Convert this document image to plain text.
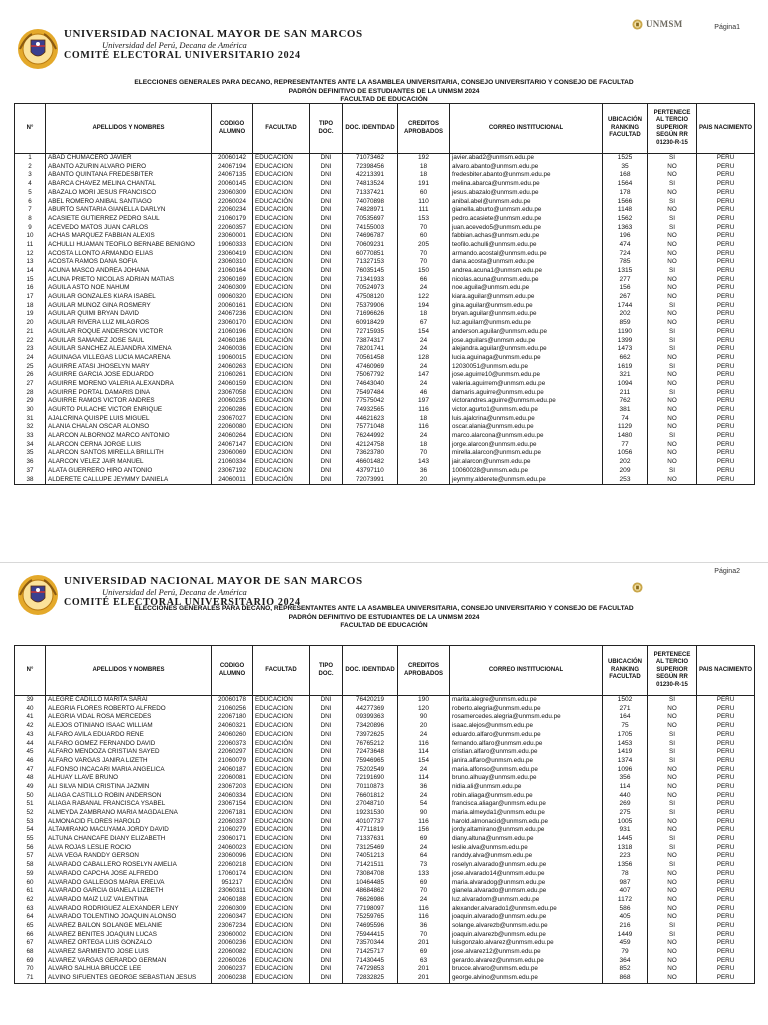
Página1
UNIVERSIDAD NACIONAL MAYOR DE SAN MARCOS
Universidad del Perú, Decana de América
COMITÉ ELECTORAL UNIVERSITARIO 2024
UNMSM
ELECCIONES GENERALES PARA DECANO, REPRESENTANTES ANTE LA ASAMBLEA UNIVERSITARIA, CONSEJO UNIVERSITARIO Y CONSEJO DE FACULTAD
PADRÓN DEFINITIVO DE ESTUDIANTES DE LA UNMSM 2024
FACULTAD DE EDUCACIÓN
N°	APELLIDOS Y NOMBRES	CODIGO ALUMNO	FACULTAD	TIPO DOC.	DOC. IDENTIDAD	CREDITOS APROBADOS	CORREO INSTITUCIONAL	UBICACIÓN RANKING FACULTAD	PERTENECE AL TERCIO SUPERIOR SEGÚN RR 01230-R-15	PAIS NACIMIENTO
1	ABAD CHUMACERO JAVIER	20060142	EDUCACIÓN	DNI	71073462	192	javier.abad2@unmsm.edu.pe	1525	SI	PERU
2	ABANTO AZURIN ALVARO PIERO	24067194	EDUCACIÓN	DNI	72398456	18	alvaro.abanto@unmsm.edu.pe	35	NO	PERU
3	ABANTO QUINTANA FREDESBITER	24067135	EDUCACIÓN	DNI	42213391	18	fredesbiter.abanto@unmsm.edu.pe	168	NO	PERU
4	ABARCA CHAVEZ MELINA CHANTAL	20060145	EDUCACIÓN	DNI	74813524	191	melina.abarca@unmsm.edu.pe	1564	SI	PERU
5	ABAZALO MORI JESUS FRANCISCO	23060309	EDUCACIÓN	DNI	71337421	60	jesus.abazalo@unmsm.edu.pe	178	NO	PERU
6	ABEL ROMERO ANIBAL SANTIAGO	22060024	EDUCACIÓN	DNI	74070898	110	anibal.abel@unmsm.edu.pe	1566	SI	PERU
7	ABURTO SANTARIA GIANELLA DARLYN	22060234	EDUCACIÓN	DNI	74828971	111	gianella.aburto@unmsm.edu.pe	1148	NO	PERU
8	ACASIETE GUTIERREZ PEDRO SAUL	21060179	EDUCACIÓN	DNI	70535697	153	pedro.acasiete@unmsm.edu.pe	1562	SI	PERU
9	ACEVEDO MATOS JUAN CARLOS	22060357	EDUCACIÓN	DNI	74155003	70	juan.acevedo5@unmsm.edu.pe	1363	SI	PERU
10	ACHAS MARQUEZ FABBIAN ALEXIS	23060001	EDUCACIÓN	DNI	74696787	60	fabbian.achas@unmsm.edu.pe	196	NO	PERU
11	ACHULLI HUAMAN TEOFILO BERNABE BENIGNO	19060333	EDUCACIÓN	DNI	70609231	205	teofilo.achulli@unmsm.edu.pe	474	NO	PERU
12	ACOSTA LLONTO ARMANDO ELIAS	23060419	EDUCACIÓN	DNI	60770851	70	armando.acostal@unmsm.edu.pe	724	NO	PERU
13	ACOSTA RAMOS DANA SOFIA	23060310	EDUCACIÓN	DNI	71327153	70	dana.acosta@unmsm.edu.pe	785	NO	PERU
14	ACUÑA MASCO ANDREA JOHANA	21060164	EDUCACIÓN	DNI	76035145	150	andrea.acuna1@unmsm.edu.pe	1315	SI	PERU
15	ACUÑA PRIETO NICOLAS ADRIAN MATIAS	23060169	EDUCACIÓN	DNI	71341933	66	nicolas.acuna@unmsm.edu.pe	277	NO	PERU
16	AGUILA ASTO NOÉ NAHÚM	24060309	EDUCACIÓN	DNI	70524973	24	noe.aguila@unmsm.edu.pe	156	NO	PERU
17	AGUILAR GONZALES KIARA ISABEL	09060320	EDUCACIÓN	DNI	47508120	122	kiara.aguilar@unmsm.edu.pe	267	NO	PERU
18	AGUILAR MUÑOZ GINA ROSMERY	20060161	EDUCACIÓN	DNI	75379906	194	gina.aguilar@unmsm.edu.pe	1744	SI	PERU
19	AGUILAR QUIMI BRYAN DAVID	24067236	EDUCACIÓN	DNI	71696626	18	bryan.aguilar@unmsm.edu.pe	202	NO	PERU
20	AGUILAR RIVERA LUZ MILAGROS	23060170	EDUCACIÓN	DNI	60918429	67	luz.aguilarr@unmsm.edu.pe	859	NO	PERU
21	AGUILAR ROQUE ANDERSON VICTOR	21060196	EDUCACIÓN	DNI	72715935	154	anderson.aguilar@unmsm.edu.pe	1190	SI	PERU
22	AGUILAR SAMANEZ JOSE SAUL	24060186	EDUCACIÓN	DNI	73874317	24	jose.aguilars@unmsm.edu.pe	1399	SI	PERU
23	AGUILAR SANCHEZ ALEJANDRA XIMENA	24060036	EDUCACIÓN	DNI	78201741	24	alejandra.aguilar@unmsm.edu.pe	1473	SI	PERU
24	AGUINAGA VILLEGAS LUCIA MACARENA	19060015	EDUCACIÓN	DNI	70561458	128	lucia.aguinaga@unmsm.edu.pe	662	NO	PERU
25	AGUIRRE ATASI JHOSELYN MARY	24060263	EDUCACIÓN	DNI	47460969	24	12030051@unmsm.edu.pe	1619	SI	PERU
26	AGUIRRE GARCIA JOSE EDUARDO	21060261	EDUCACIÓN	DNI	75067792	147	jose.aguirre10@unmsm.edu.pe	321	NO	PERU
27	AGUIRRE MORENO VALERIA ALEXANDRA	24060159	EDUCACIÓN	DNI	74643040	24	valeria.aguirrem@unmsm.edu.pe	1094	NO	PERU
28	AGUIRRE PORTAL DÁMARIS DINA	23067058	EDUCACIÓN	DNI	75497484	46	damaris.aguirre@unmsm.edu.pe	211	SI	PERU
29	AGUIRRE RAMOS VICTOR ANDRES	20060235	EDUCACIÓN	DNI	77575042	197	victorandres.aguirre@unmsm.edu.pe	762	NO	PERU
30	AGURTO PULACHE VICTOR ENRIQUE	22060286	EDUCACIÓN	DNI	74932565	116	victor.agurto1@unmsm.edu.pe	381	NO	PERU
31	AJALCRIÑA QUISPE LUIS MIGUEL	23067027	EDUCACIÓN	DNI	44621623	18	luis.ajalcrina@unmsm.edu.pe	74	NO	PERU
32	ALANIA CHALAN OSCAR ALONSO	22060080	EDUCACIÓN	DNI	75771048	116	oscar.alania@unmsm.edu.pe	1129	NO	PERU
33	ALARCON ALBORNOZ MARCO ANTONIO	24060264	EDUCACIÓN	DNI	76244992	24	marco.alarcona@unmsm.edu.pe	1480	SI	PERU
34	ALARCÓN CERNA JORGE LUIS	24067147	EDUCACIÓN	DNI	42124758	18	jorge.alarcon@unmsm.edu.pe	77	NO	PERU
35	ALARCON SANTOS MIRELLA BRILLITH	23060069	EDUCACIÓN	DNI	73623780	70	mirella.alarcon@unmsm.edu.pe	1056	NO	PERU
36	ALARCON VELEZ JAIR MANUEL	21060334	EDUCACIÓN	DNI	46601482	143	jair.alarcon@unmsm.edu.pe	202	NO	PERU
37	ALATA GUERRERO HIRO ANTONIO	23067192	EDUCACIÓN	DNI	43797110	36	10060028@unmsm.edu.pe	209	SI	PERU
38	ALDERETE CALLUPE JEYMMY DANIELA	24060011	EDUCACIÓN	DNI	72073991	20	jeymmy.alderete@unmsm.edu.pe	253	NO	PERU
Página2
UNIVERSIDAD NACIONAL MAYOR DE SAN MARCOS
Universidad del Perú, Decana de América
COMITÉ ELECTORAL UNIVERSITARIO 2024
ELECCIONES GENERALES PARA DECANO, REPRESENTANTES ANTE LA ASAMBLEA UNIVERSITARIA, CONSEJO UNIVERSITARIO Y CONSEJO DE FACULTAD
PADRÓN DEFINITIVO DE ESTUDIANTES DE LA UNMSM 2024
FACULTAD DE EDUCACIÓN
N°	APELLIDOS Y NOMBRES	CODIGO ALUMNO	FACULTAD	TIPO DOC.	DOC. IDENTIDAD	CREDITOS APROBADOS	CORREO INSTITUCIONAL	UBICACIÓN RANKING FACULTAD	PERTENECE AL TERCIO SUPERIOR SEGÚN RR 01230-R-15	PAIS NACIMIENTO
39	ALEGRE CADILLO MARITA SARAI	20060178	EDUCACIÓN	DNI	76420219	190	marita.alegre@unmsm.edu.pe	1502	SI	PERU
40	ALEGRIA FLORES ROBERTO ALFREDO	21060256	EDUCACIÓN	DNI	44277369	120	roberto.alegria@unmsm.edu.pe	271	NO	PERU
41	ALEGRIA VIDAL ROSA MERCEDES	22067180	EDUCACIÓN	DNI	09399363	90	rosamercedes.alegria@unmsm.edu.pe	164	NO	PERU
42	ALEJOS OTINIANO ISAAC WILLIAM	24060321	EDUCACIÓN	DNI	73420896	20	isaac.alejos@unmsm.edu.pe	75	NO	PERU
43	ALFARO AVILA EDUARDO RENE	24060260	EDUCACIÓN	DNI	73972625	24	eduardo.alfaro@unmsm.edu.pe	1705	SI	PERU
44	ALFARO GOMEZ FERNANDO DAVID	22060373	EDUCACIÓN	DNI	76765212	116	fernando.alfaro@unmsm.edu.pe	1453	SI	PERU
45	ALFARO MENDOZA CRISTIAN SAYED	22060297	EDUCACIÓN	DNI	72473648	114	cristian.alfaro@unmsm.edu.pe	1419	SI	PERU
46	ALFARO VARGAS JANIRA LIZETH	21060079	EDUCACIÓN	DNI	75946965	154	janira.alfaro@unmsm.edu.pe	1374	SI	PERU
47	ALFONSO INCACARI MARIA ANGELICA	24060187	EDUCACIÓN	DNI	75202549	24	maria.alfonso@unmsm.edu.pe	1096	NO	PERU
48	ALHUAY LLAVE BRUNO	22060081	EDUCACIÓN	DNI	72191690	114	bruno.alhuay@unmsm.edu.pe	356	NO	PERU
49	ALI SILVA NIDIA CRISTINA JAZMÍN	23067203	EDUCACIÓN	DNI	70110873	36	nidia.ali@unmsm.edu.pe	114	NO	PERU
50	ALIAGA CASTILLO ROBIN ANDERSON	24060334	EDUCACIÓN	DNI	76601812	24	robin.aliaga@unmsm.edu.pe	440	NO	PERU
51	ALIAGA RABANAL FRANCISCA YSABEL	23067154	EDUCACIÓN	DNI	27048710	54	francisca.aliagar@unmsm.edu.pe	269	SI	PERU
52	ALMEYDA ZAMBRANO MARIA MAGDALENA	22067181	EDUCACIÓN	DNI	19231530	90	maria.almeyda1@unmsm.edu.pe	275	SI	PERU
53	ALMONACID FLORES HAROLD	22060337	EDUCACIÓN	DNI	40107737	116	harold.almonacid@unmsm.edu.pe	1005	NO	PERU
54	ALTAMIRANO MACUYAMA JORDY DAVID	21060279	EDUCACIÓN	DNI	47711819	156	jordy.altamirano@unmsm.edu.pe	931	NO	PERU
55	ALTUNA CHANCAFE DIANY ELIZABETH	23060171	EDUCACIÓN	DNI	71337631	69	diany.altuna@unmsm.edu.pe	1445	SI	PERU
56	ALVA ROJAS LESLIE ROCIO	24060023	EDUCACIÓN	DNI	73125469	24	leslie.alva@unmsm.edu.pe	1318	SI	PERU
57	ALVA VEGA RANDDY GERSON	23060096	EDUCACIÓN	DNI	74051213	64	randdy.alva@unmsm.edu.pe	223	NO	PERU
58	ALVARADO CABALLERO ROSELYN AMELIA	22060218	EDUCACIÓN	DNI	71421511	73	roselyn.alvarado@unmsm.edu.pe	1356	SI	PERU
59	ALVARADO CAPCHA JOSE ALFREDO	17060174	EDUCACIÓN	DNI	73084708	133	jose.alvarado14@unmsm.edu.pe	78	NO	PERU
60	ALVARADO GALLEGOS MARIA ERELVA	951217	EDUCACIÓN	DNI	10464485	69	maria.alvaradog@unmsm.edu.pe	987	NO	PERU
61	ALVARADO GARCIA GIANELA LIZBETH	23060311	EDUCACIÓN	DNI	48684862	70	gianela.alvarado@unmsm.edu.pe	407	NO	PERU
62	ALVARADO MAIZ LUZ VALENTINA	24060188	EDUCACIÓN	DNI	76626986	24	luz.alvaradom@unmsm.edu.pe	1172	NO	PERU
63	ALVARADO RODRIGUEZ ALEXANDER LENY	22060309	EDUCACIÓN	DNI	77198097	116	alexander.alvarado1@unmsm.edu.pe	586	NO	PERU
64	ALVARADO TOLENTINO JOAQUIN ALONSO	22060347	EDUCACIÓN	DNI	75259765	116	joaquin.alvarado@unmsm.edu.pe	405	NO	PERU
65	ALVAREZ BAILON SOLANGE MELANIE	23067234	EDUCACIÓN	DNI	74695596	36	solange.alvarezb@unmsm.edu.pe	216	SI	PERU
66	ALVAREZ BENITES JOAQUIN LUCAS	23060002	EDUCACIÓN	DNI	75944415	70	joaquin.alvarezb@unmsm.edu.pe	1449	SI	PERU
67	ALVAREZ ORTEGA LUIS GONZALO	20060236	EDUCACIÓN	DNI	73570344	201	luisgonzalo.alvarez@unmsm.edu.pe	459	NO	PERU
68	ALVAREZ SARMIENTO JOSE LUIS	22060082	EDUCACIÓN	DNI	71425717	69	jose.alvarez12@unmsm.edu.pe	79	NO	PERU
69	ALVAREZ VARGAS GERARDO GERMAN	22060026	EDUCACIÓN	DNI	71430445	63	gerardo.alvarez@unmsm.edu.pe	364	NO	PERU
70	ALVARO SALHUA BRUCCE LEE	20060237	EDUCACIÓN	DNI	74729853	201	brucce.alvaro@unmsm.edu.pe	852	NO	PERU
71	ALVINO SIFUENTES GEORGE SEBASTIAN JESUS	20060238	EDUCACIÓN	DNI	72832825	201	george.alvino@unmsm.edu.pe	868	NO	PERU
